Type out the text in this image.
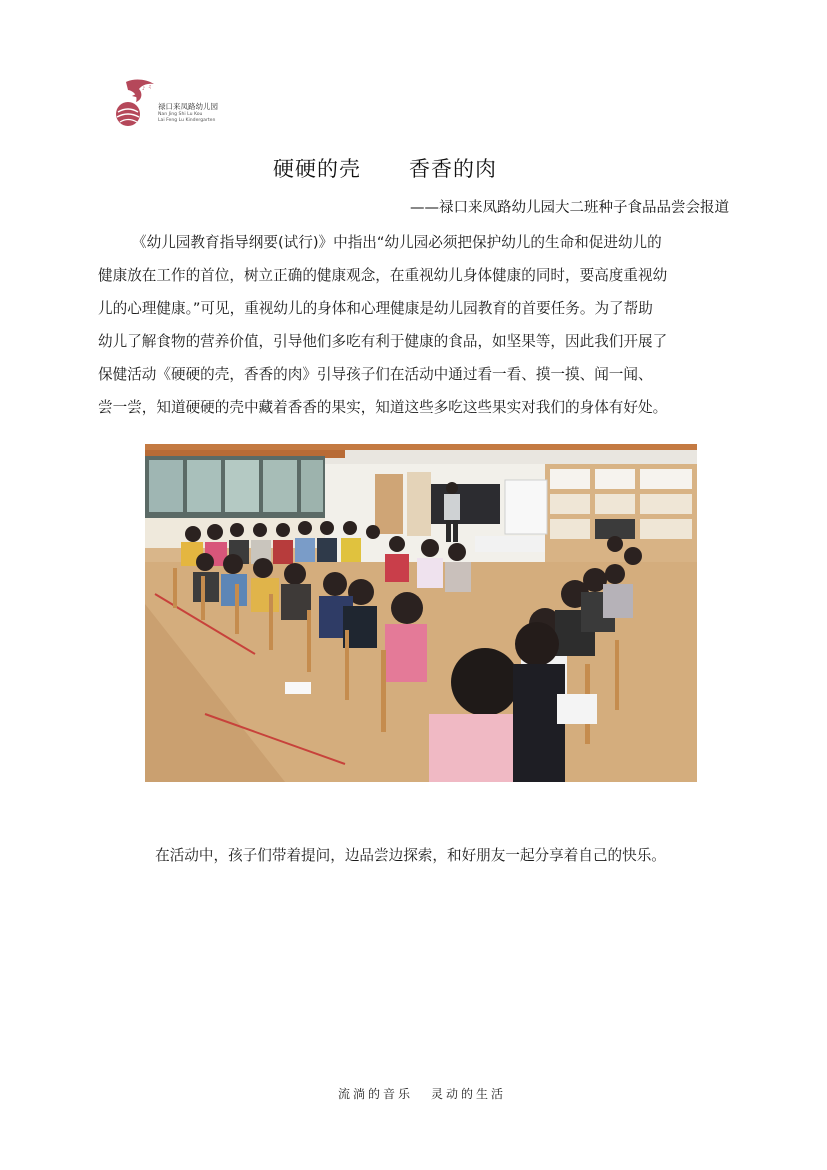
♪ ♫
禄口来凤路幼儿园
Nan Jing Shi Lu Kou
Lai Feng Lu Kindergarten
硬硬的壳 香香的肉
——禄口来凤路幼儿园大二班种子食品品尝会报道
《幼儿园教育指导纲要(试行)》中指出“幼儿园必须把保护幼儿的生命和促进幼儿的
健康放在工作的首位，树立正确的健康观念，在重视幼儿身体健康的同时，要高度重视幼
儿的心理健康。”可见，重视幼儿的身体和心理健康是幼儿园教育的首要任务。为了帮助
幼儿了解食物的营养价值，引导他们多吃有利于健康的食品，如坚果等，因此我们开展了
保健活动《硬硬的壳，香香的肉》引导孩子们在活动中通过看一看、摸一摸、闻一闻、
尝一尝，知道硬硬的壳中藏着香香的果实，知道这些多吃这些果实对我们的身体有好处。
在活动中，孩子们带着提问，边品尝边探索，和好朋友一起分享着自己的快乐。
流淌的音乐 灵动的生活
